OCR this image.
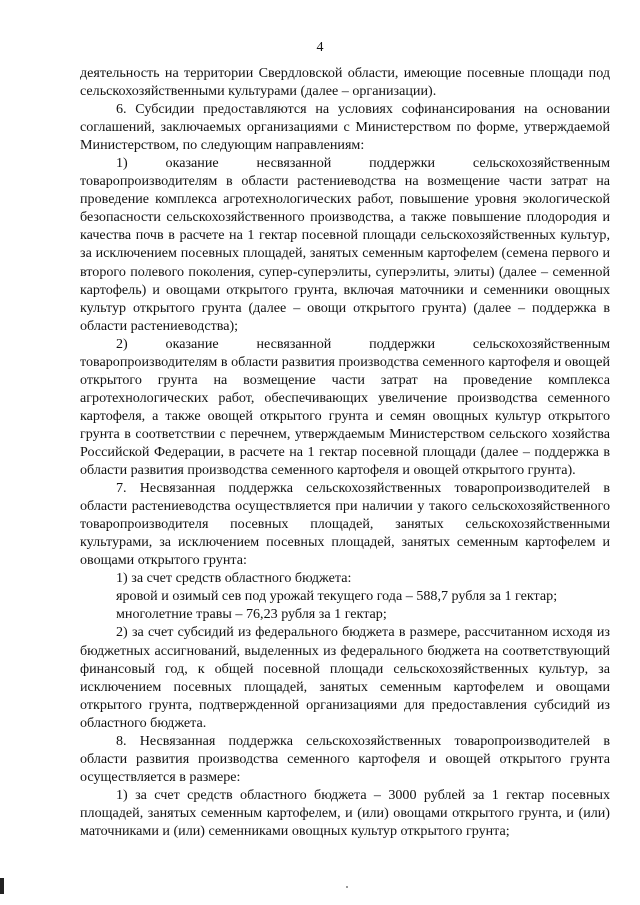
4

деятельность на территории Свердловской области, имеющие посевные площади под сельскохозяйственными культурами (далее – организации).

6. Субсидии предоставляются на условиях софинансирования на основании соглашений, заключаемых организациями с Министерством по форме, утверждаемой Министерством, по следующим направлениям:

1) оказание несвязанной поддержки сельскохозяйственным товаропроизводителям в области растениеводства на возмещение части затрат на проведение комплекса агротехнологических работ, повышение уровня экологической безопасности сельскохозяйственного производства, а также повышение плодородия и качества почв в расчете на 1 гектар посевной площади сельскохозяйственных культур, за исключением посевных площадей, занятых семенным картофелем (семена первого и второго полевого поколения, супер-суперэлиты, суперэлиты, элиты) (далее – семенной картофель) и овощами открытого грунта, включая маточники и семенники овощных культур открытого грунта (далее – овощи открытого грунта) (далее – поддержка в области растениеводства);

2) оказание несвязанной поддержки сельскохозяйственным товаропроизводителям в области развития производства семенного картофеля и овощей открытого грунта на возмещение части затрат на проведение комплекса агротехнологических работ, обеспечивающих увеличение производства семенного картофеля, а также овощей открытого грунта и семян овощных культур открытого грунта в соответствии с перечнем, утверждаемым Министерством сельского хозяйства Российской Федерации, в расчете на 1 гектар посевной площади (далее – поддержка в области развития производства семенного картофеля и овощей открытого грунта).

7. Несвязанная поддержка сельскохозяйственных товаропроизводителей в области растениеводства осуществляется при наличии у такого сельскохозяйственного товаропроизводителя посевных площадей, занятых сельскохозяйственными культурами, за исключением посевных площадей, занятых семенным картофелем и овощами открытого грунта:

1) за счет средств областного бюджета:

яровой и озимый сев под урожай текущего года – 588,7 рубля за 1 гектар;

многолетние травы – 76,23 рубля за 1 гектар;

2) за счет субсидий из федерального бюджета в размере, рассчитанном исходя из бюджетных ассигнований, выделенных из федерального бюджета на соответствующий финансовый год, к общей посевной площади сельскохозяйственных культур, за исключением посевных площадей, занятых семенным картофелем и овощами открытого грунта, подтвержденной организациями для предоставления субсидий из областного бюджета.

8. Несвязанная поддержка сельскохозяйственных товаропроизводителей в области развития производства семенного картофеля и овощей открытого грунта осуществляется в размере:

1) за счет средств областного бюджета – 3000 рублей за 1 гектар посевных площадей, занятых семенным картофелем, и (или) овощами открытого грунта, и (или) маточниками и (или) семенниками овощных культур открытого грунта;
